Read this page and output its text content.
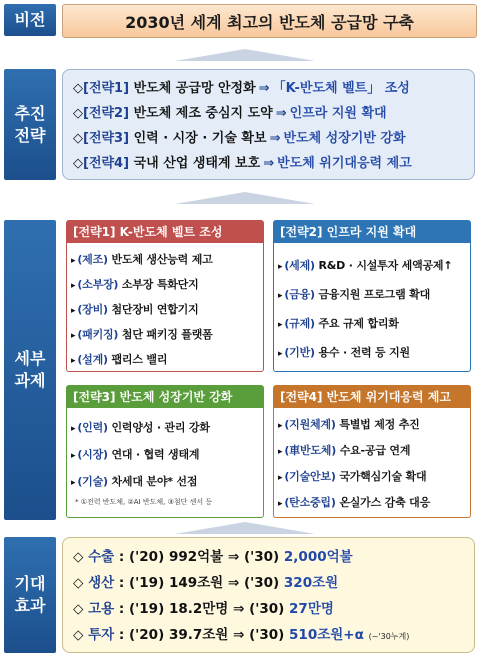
비전
추진
전략
세부
과제
기대
효과
2030년 세계 최고의 반도체 공급망 구축
◇[전략1] 반도체 공급망 안정화 ⇒ 「K-반도체 벨트」 조성
◇[전략2] 반도체 제조 중심지 도약 ⇒ 인프라 지원 확대
◇[전략3] 인력 · 시장 · 기술 확보 ⇒ 반도체 성장기반 강화
◇[전략4] 국내 산업 생태계 보호 ⇒ 반도체 위기대응력 제고
[전략1] K-반도체 벨트 조성
▸ (제조) 반도체 생산능력 제고
▸ (소부장) 소부장 특화단지
▸ (장비) 첨단장비 연합기지
▸ (패키징) 첨단 패키징 플랫폼
▸ (설계) 팹리스 밸리
[전략2] 인프라 지원 확대
▸ (세제) R&D · 시설투자 세액공제↑
▸ (금융) 금융지원 프로그램 확대
▸ (규제) 주요 규제 합리화
▸ (기반) 용수 · 전력 등 지원
[전략3] 반도체 성장기반 강화
▸ (인력) 인력양성 · 관리 강화
▸ (시장) 연대 · 협력 생태계
▸ (기술) 차세대 분야* 선점
* ①전력 반도체, ②AI 반도체, ③첨단 센서 등
[전략4] 반도체 위기대응력 제고
▸ (지원체계) 특별법 제정 추진
▸ (車반도체) 수요-공급 연계
▸ (기술안보) 국가핵심기술 확대
▸ (탄소중립) 온실가스 감축 대응
◇ 수출 : ('20) 992억불 ⇒ ('30) 2,000억불
◇ 생산 : ('19) 149조원 ⇒ ('30) 320조원
◇ 고용 : ('19) 18.2만명 ⇒ ('30) 27만명
◇ 투자 : ('20) 39.7조원 ⇒ ('30) 510조원+α (~'30누계)
